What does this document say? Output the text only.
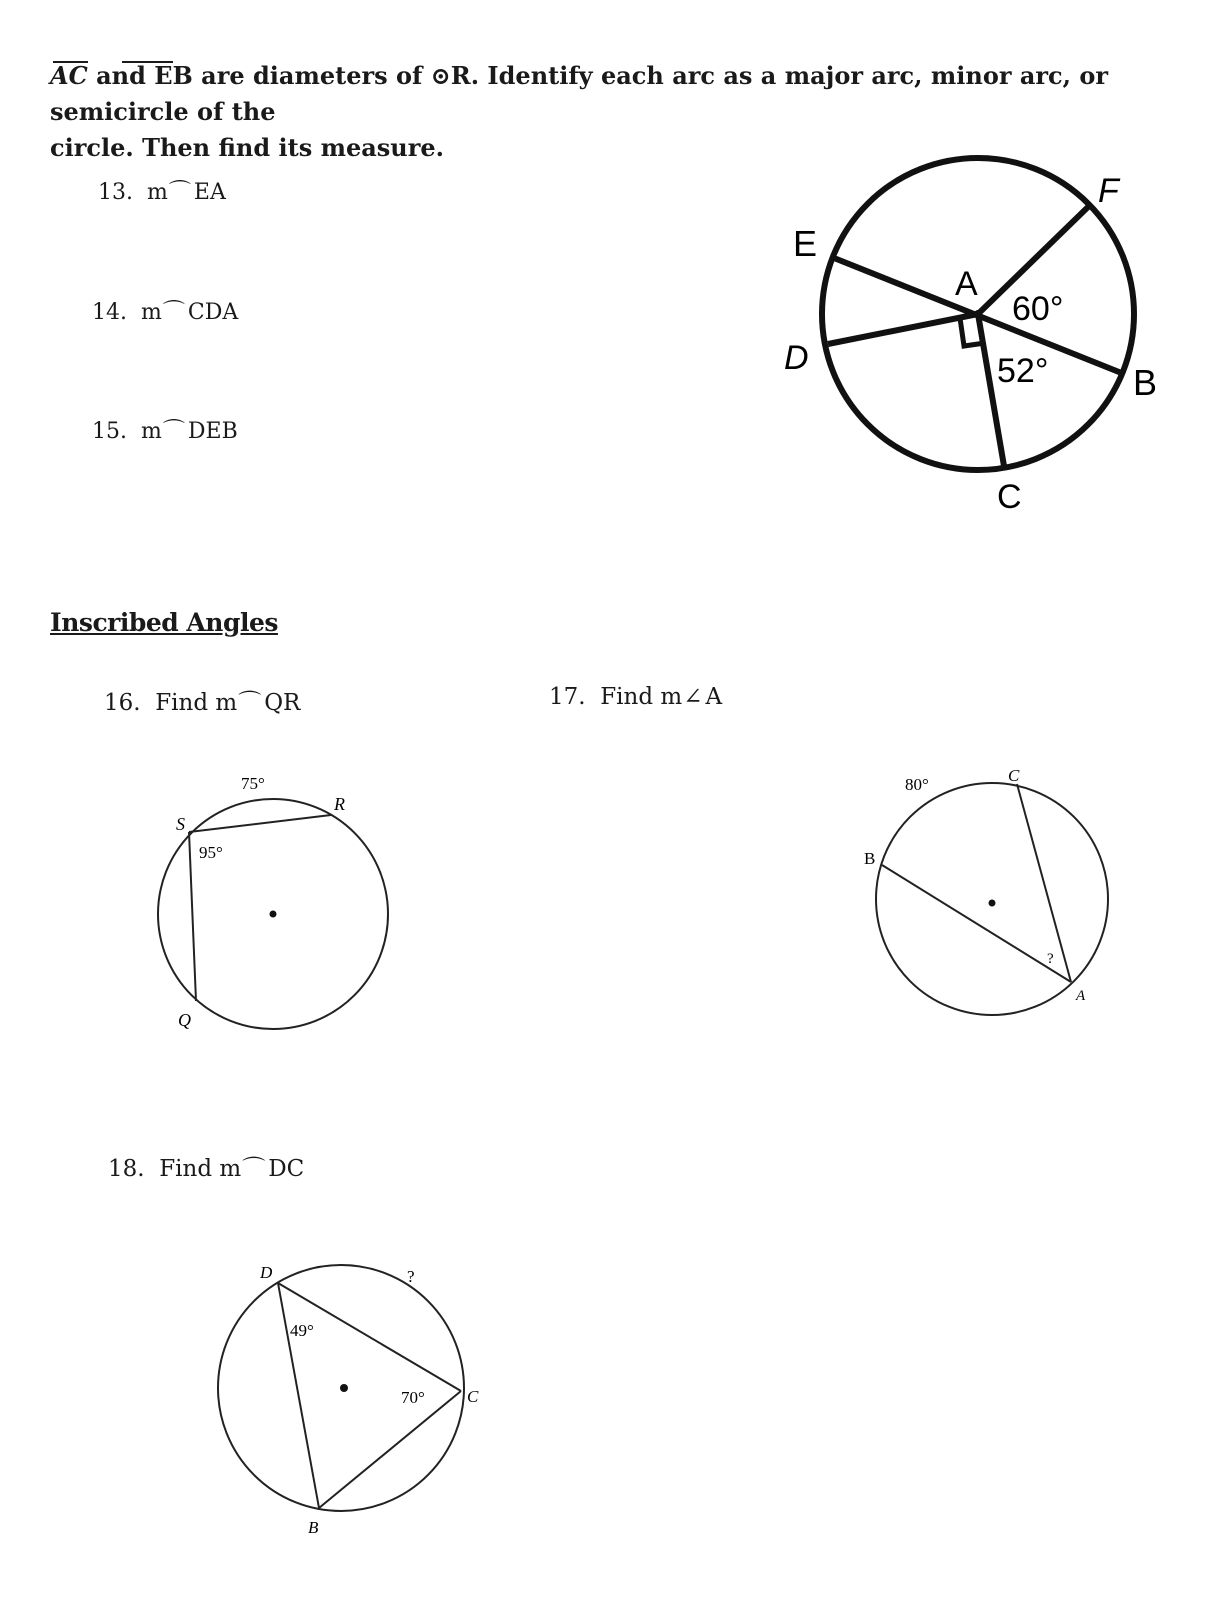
AC and EB are diameters of ⊙R. Identify each arc as a major arc, minor arc, or semicircle of the
circle. Then find its measure.
13. m⌒ EA
14. m⌒ CDA
15. m⌒ DEB
Inscribed Angles
16. Find m⌒ QR	17. Find m∠ A
18. Find m⌒ DC
E
F
A
D
B
C
60°
52°
S
R
Q
75°
95°	B
C
A
80°
?
D
B
C
?
49°
70°
